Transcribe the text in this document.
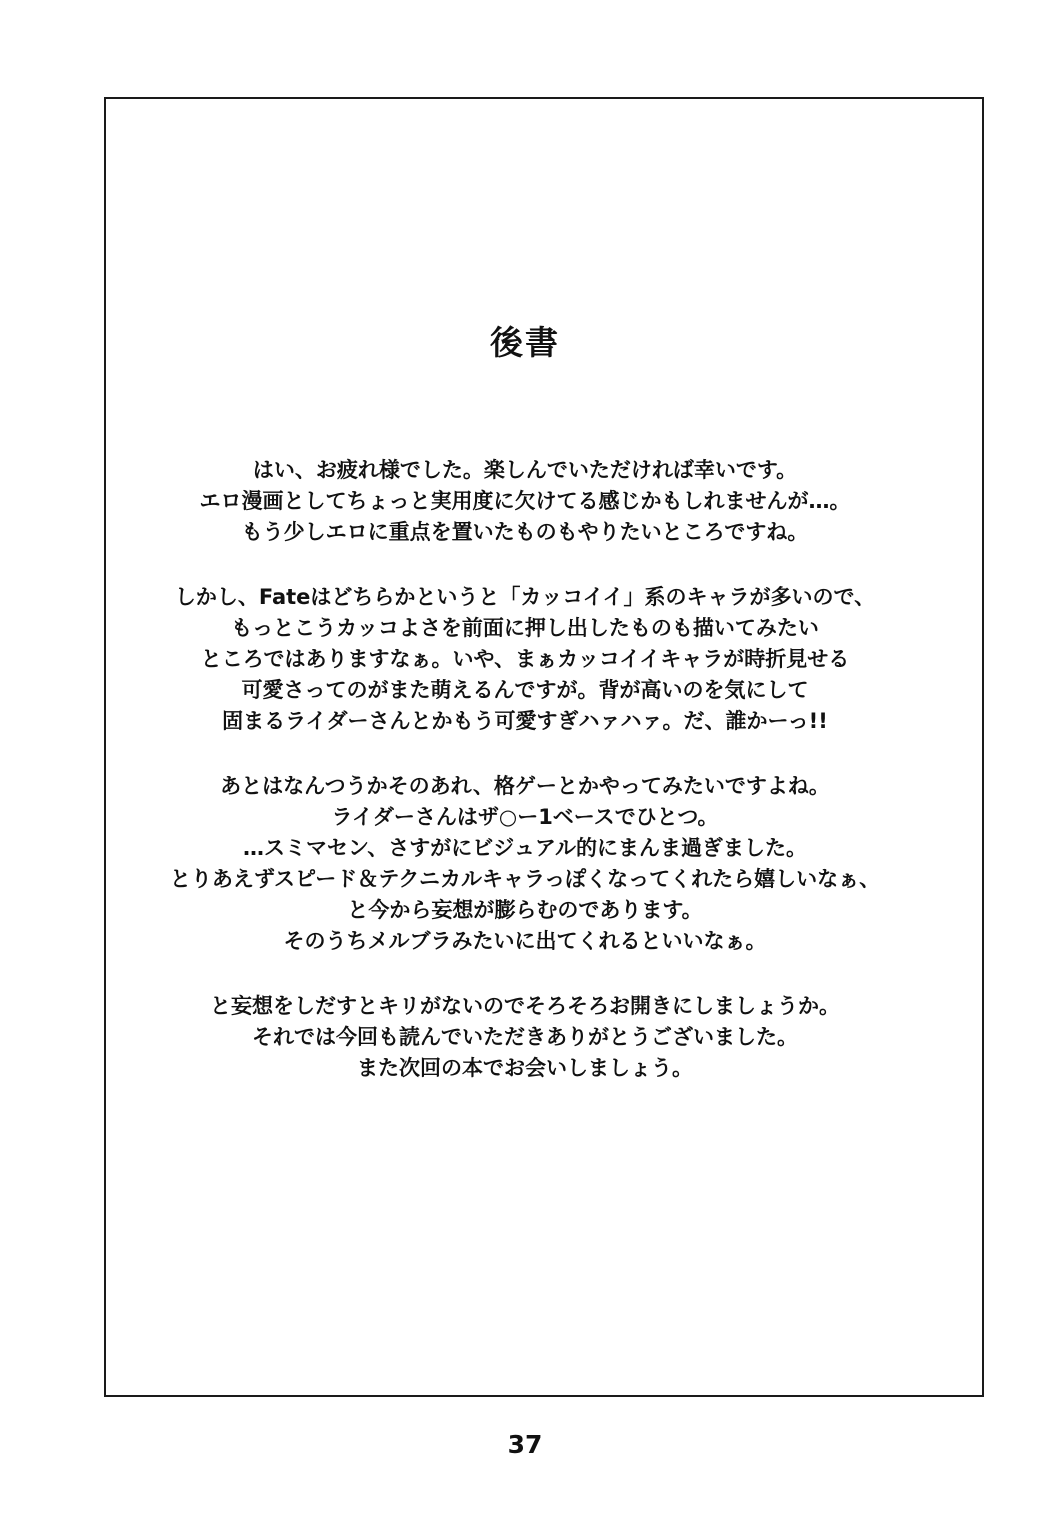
後書
はい、お疲れ様でした。楽しんでいただければ幸いです。
エロ漫画としてちょっと実用度に欠けてる感じかもしれませんが…。
もう少しエロに重点を置いたものもやりたいところですね。
しかし、Fateはどちらかというと「カッコイイ」系のキャラが多いので、
もっとこうカッコよさを前面に押し出したものも描いてみたい
ところではありますなぁ。いや、まぁカッコイイキャラが時折見せる
可愛さってのがまた萌えるんですが。背が高いのを気にして
固まるライダーさんとかもう可愛すぎハァハァ。だ、誰かーっ!!
あとはなんつうかそのあれ、格ゲーとかやってみたいですよね。
ライダーさんはザ○ー1ベースでひとつ。
…スミマセン、さすがにビジュアル的にまんま過ぎました。
とりあえずスピード＆テクニカルキャラっぽくなってくれたら嬉しいなぁ、
と今から妄想が膨らむのであります。
そのうちメルブラみたいに出てくれるといいなぁ。
と妄想をしだすとキリがないのでそろそろお開きにしましょうか。
それでは今回も読んでいただきありがとうございました。
また次回の本でお会いしましょう。
37
